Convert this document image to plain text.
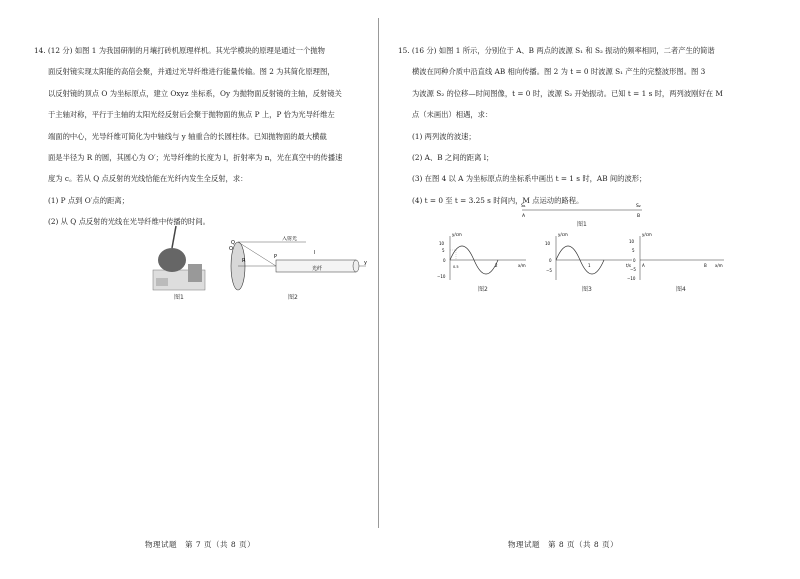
14. (12 分) 如图 1 为我国研制的月壤打砖机原理样机。其光学模块的原理是通过一个抛物

面反射镜实现太阳能的高倍会聚，并通过光导纤维进行能量传输。图 2 为其简化原理图，

以反射镜的顶点 O 为坐标原点，建立 Oxyz 坐标系，Oy 为抛物面反射镜的主轴，反射镜关

于主轴对称，平行于主轴的太阳光经反射后会聚于抛物面的焦点 P 上，P 恰为光导纤维左

端面的中心，光导纤维可简化为中轴线与 y 轴重合的长圆柱体。已知抛物面的最大横截

面是半径为 R 的圆，其圆心为 O′；光导纤维的长度为 l，折射率为 n，光在真空中的传播速

度为 c。若从 Q 点反射的光线恰能在光纤内发生全反射，求：

(1) P 点到 O′点的距离；

(2) 从 Q 点反射的光线在光导纤维中传播的时间。

图1
O
R
Q
P
y
入射光
l
光纤
图2

15. (16 分) 如图 1 所示，分别位于 A、B 两点的波源 S₁ 和 S₂ 振动的频率相同，二者产生的简谐

横波在同种介质中沿直线 AB 相向传播。图 2 为 t = 0 时波源 S₁ 产生的完整波形图。图 3

为波源 S₂ 的位移—时间图像，t = 0 时，波源 S₂ 开始振动。已知 t = 1 s 时，两列波刚好在 M

点（未画出）相遇，求：

(1) 两列波的波速；

(2) A、B 之间的距离 l；

(3) 在图 4 以 A 为坐标原点的坐标系中画出 t = 1 s 时，AB 间的波形；

(4) t = 0 至 t = 3.25 s 时间内，M 点运动的路程。

S₁	S₂
A	B
图1
y/cm
x/m
10
5
0
−10
0.5	2
图2
y/cm
t/s
10
0
−5
1
图3
y/cm
x/m
10
5
0
−5
−10
A	B
图4
物理试题　第 7 页（共 8 页）	物理试题　第 8 页（共 8 页）
